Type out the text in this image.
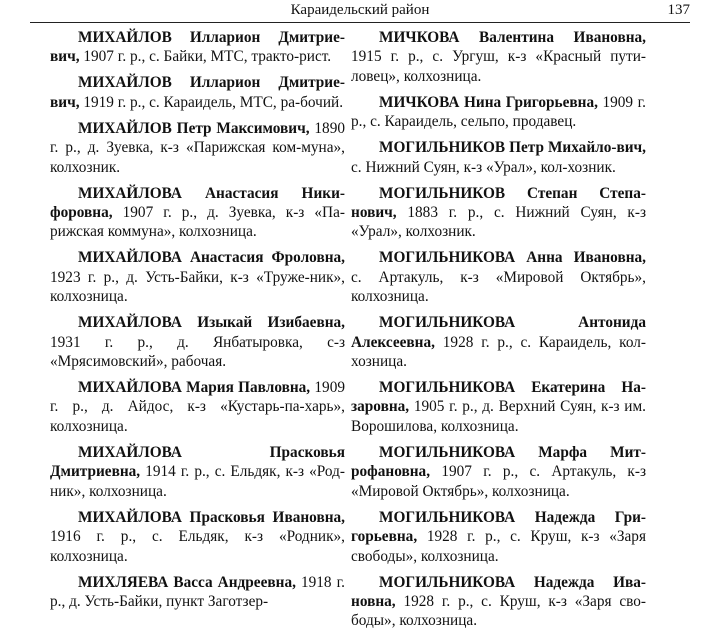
Караидельский район	137

МИХАЙЛОВ Илларион Дмитрие-вич, 1907 г. р., с. Байки, МТС, тракто-рист.

МИХАЙЛОВ Илларион Дмитрие-вич, 1919 г. р., с. Караидель, МТС, ра-бочий.

МИХАЙЛОВ Петр Максимович, 1890 г. р., д. Зуевка, к-з «Парижская ком-муна», колхозник.

МИХАЙЛОВА Анастасия Ники-форовна, 1907 г. р., д. Зуевка, к-з «Па-рижская коммуна», колхозница.

МИХАЙЛОВА Анастасия Фроловна, 1923 г. р., д. Усть-Байки, к-з «Труже-ник», колхозница.

МИХАЙЛОВА Изыкай Изибаевна, 1931 г. р., д. Янбатыровка, с-з «Мрясимовский», рабочая.

МИХАЙЛОВА Мария Павловна, 1909 г. р., д. Айдос, к-з «Кустарь-па-харь», колхозница.

МИХАЙЛОВА Прасковья Дмитриевна, 1914 г. р., с. Ельдяк, к-з «Род-ник», колхозница.

МИХАЙЛОВА Прасковья Ивановна, 1916 г. р., с. Ельдяк, к-з «Родник», колхозница.

МИХЛЯЕВА Васса Андреевна, 1918 г. р., д. Усть-Байки, пункт Заготзер-

МИЧКОВА Валентина Ивановна, 1915 г. р., с. Ургуш, к-з «Красный пути-ловец», колхозница.

МИЧКОВА Нина Григорьевна, 1909 г. р., с. Караидель, сельпо, продавец.

МОГИЛЬНИКОВ Петр Михайло-вич, с. Нижний Суян, к-з «Урал», кол-хозник.

МОГИЛЬНИКОВ Степан Степа-нович, 1883 г. р., с. Нижний Суян, к-з «Урал», колхозник.

МОГИЛЬНИКОВА Анна Ивановна, с. Артакуль, к-з «Мировой Октябрь», колхозница.

МОГИЛЬНИКОВА Антонида Алексеевна, 1928 г. р., с. Караидель, кол-хозница.

МОГИЛЬНИКОВА Екатерина На-заровна, 1905 г. р., д. Верхний Суян, к-з им. Ворошилова, колхозница.

МОГИЛЬНИКОВА Марфа Мит-рофановна, 1907 г. р., с. Артакуль, к-з «Мировой Октябрь», колхозница.

МОГИЛЬНИКОВА Надежда Гри-горьевна, 1928 г. р., с. Круш, к-з «Заря свободы», колхозница.

МОГИЛЬНИКОВА Надежда Ива-новна, 1928 г. р., с. Круш, к-з «Заря сво-боды», колхозница.
